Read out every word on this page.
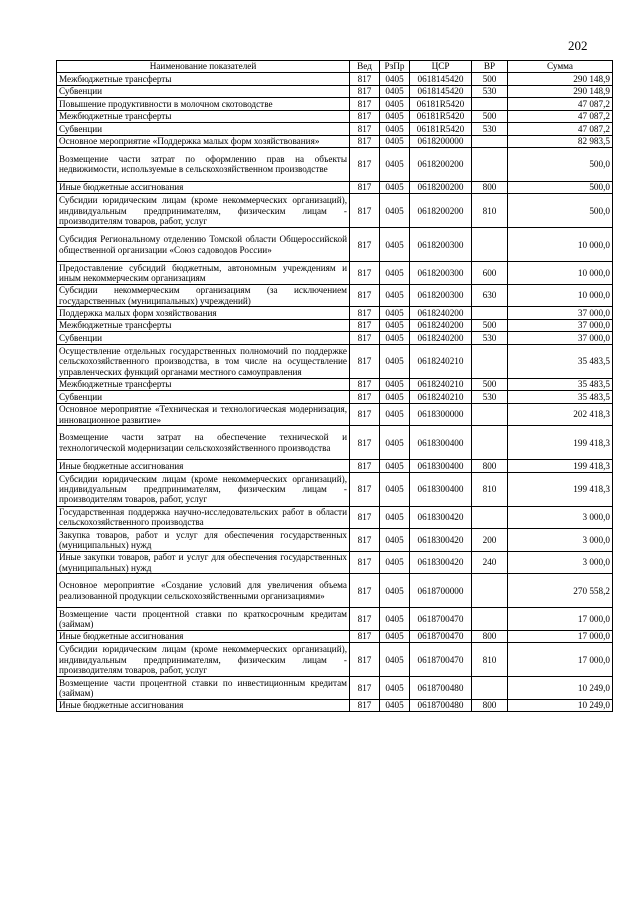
202
Наименование показателей	Вед	РзПр	ЦСР	ВР	Сумма
Межбюджетные трансферты	817	0405	0618145420	500	290 148,9
Субвенции	817	0405	0618145420	530	290 148,9
Повышение продуктивности в молочном скотоводстве	817	0405	06181R5420		47 087,2
Межбюджетные трансферты	817	0405	06181R5420	500	47 087,2
Субвенции	817	0405	06181R5420	530	47 087,2
Основное мероприятие «Поддержка малых форм хозяйствования»	817	0405	0618200000		82 983,5
Возмещение части затрат по оформлению прав на объекты недвижимости, используемые в сельскохозяйственном производстве	817	0405	0618200200		500,0
Иные бюджетные ассигнования	817	0405	0618200200	800	500,0
Субсидии юридическим лицам (кроме некоммерческих организаций), индивидуальным предпринимателям, физическим лицам - производителям товаров, работ, услуг	817	0405	0618200200	810	500,0
Субсидия Региональному отделению Томской области Общероссийской общественной организации «Союз садоводов России»	817	0405	0618200300		10 000,0
Предоставление субсидий бюджетным, автономным учреждениям и иным некоммерческим организациям	817	0405	0618200300	600	10 000,0
Субсидии некоммерческим организациям (за исключением государственных (муниципальных) учреждений)	817	0405	0618200300	630	10 000,0
Поддержка малых форм хозяйствования	817	0405	0618240200		37 000,0
Межбюджетные трансферты	817	0405	0618240200	500	37 000,0
Субвенции	817	0405	0618240200	530	37 000,0
Осуществление отдельных государственных полномочий по поддержке сельскохозяйственного производства, в том числе на осуществление управленческих функций органами местного самоуправления	817	0405	0618240210		35 483,5
Межбюджетные трансферты	817	0405	0618240210	500	35 483,5
Субвенции	817	0405	0618240210	530	35 483,5
Основное мероприятие «Техническая и технологическая модернизация, инновационное развитие»	817	0405	0618300000		202 418,3
Возмещение части затрат на обеспечение технической и технологической модернизации сельскохозяйственного производства	817	0405	0618300400		199 418,3
Иные бюджетные ассигнования	817	0405	0618300400	800	199 418,3
Субсидии юридическим лицам (кроме некоммерческих организаций), индивидуальным предпринимателям, физическим лицам - производителям товаров, работ, услуг	817	0405	0618300400	810	199 418,3
Государственная поддержка научно-исследовательских работ в области сельскохозяйственного производства	817	0405	0618300420		3 000,0
Закупка товаров, работ и услуг для обеспечения государственных (муниципальных) нужд	817	0405	0618300420	200	3 000,0
Иные закупки товаров, работ и услуг для обеспечения государственных (муниципальных) нужд	817	0405	0618300420	240	3 000,0
Основное мероприятие «Создание условий для увеличения объема реализованной продукции сельскохозяйственными организациями»	817	0405	0618700000		270 558,2
Возмещение части процентной ставки по краткосрочным кредитам (займам)	817	0405	0618700470		17 000,0
Иные бюджетные ассигнования	817	0405	0618700470	800	17 000,0
Субсидии юридическим лицам (кроме некоммерческих организаций), индивидуальным предпринимателям, физическим лицам - производителям товаров, работ, услуг	817	0405	0618700470	810	17 000,0
Возмещение части процентной ставки по инвестиционным кредитам (займам)	817	0405	0618700480		10 249,0
Иные бюджетные ассигнования	817	0405	0618700480	800	10 249,0
